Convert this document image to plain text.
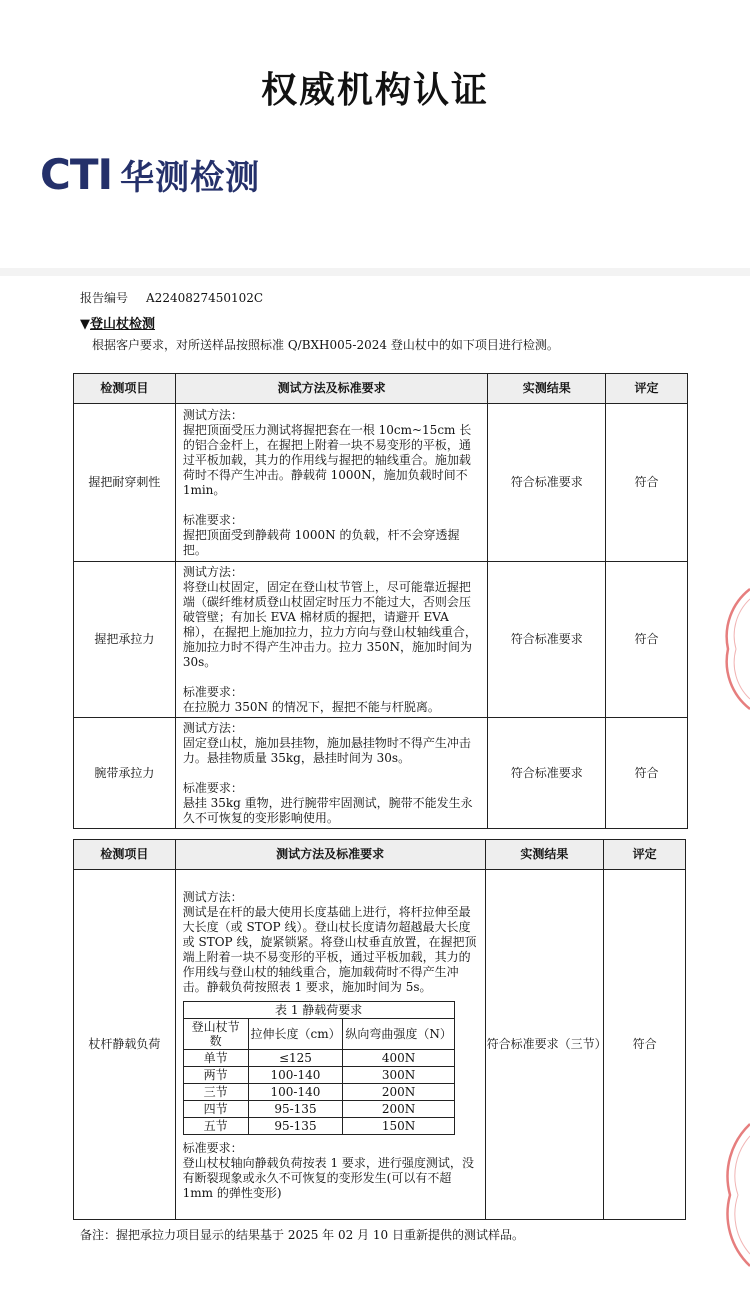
权威机构认证
CTI 华测检测
报告编号 A2240827450102C
▼登山杖检测
根据客户要求，对所送样品按照标准 Q/BXH005-2024 登山杖中的如下项目进行检测。
检测项目	测试方法及标准要求	实测结果	评定
握把耐穿刺性	测试方法：
握把顶面受压力测试将握把套在一根 10cm~15cm 长的铝合金杆上，在握把上附着一块不易变形的平板，通过平板加载，其力的作用线与握把的轴线重合。施加载荷时不得产生冲击。静载荷 1000N，施加负载时间不 1min。
标准要求：
握把顶面受到静载荷 1000N 的负载，杆不会穿透握把。	符合标准要求	符合
握把承拉力	测试方法：
将登山杖固定，固定在登山杖节管上，尽可能靠近握把端（碳纤维材质登山杖固定时压力不能过大，否则会压破管壁；有加长 EVA 棉材质的握把，请避开 EVA 棉），在握把上施加拉力，拉力方向与登山杖轴线重合，施加拉力时不得产生冲击力。拉力 350N，施加时间为 30s。
标准要求：
在拉脱力 350N 的情况下，握把不能与杆脱离。	符合标准要求	符合
腕带承拉力	测试方法：
固定登山杖，施加县挂物，施加悬挂物时不得产生冲击力。悬挂物质量 35kg，悬挂时间为 30s。
标准要求：
悬挂 35kg 重物，进行腕带牢固测试，腕带不能发生永久不可恢复的变形影响使用。	符合标准要求	符合
检测项目	测试方法及标准要求	实测结果	评定
杖杆静载负荷	
测试方法：
测试是在杆的最大使用长度基础上进行，将杆拉伸至最大长度（或 STOP 线）。登山杖长度请勿超越最大长度或 STOP 线，旋紧锁紧。将登山杖垂直放置，在握把顶端上附着一块不易变形的平板，通过平板加载，其力的作用线与登山杖的轴线重合，施加载荷时不得产生冲击。静载负荷按照表 1 要求，施加时间为 5s。
表 1 静载荷要求
登山杖节数	拉伸长度（cm）	纵向弯曲强度（N）
单节	≤125	400N
两节	100-140	300N
三节	100-140	200N
四节	95-135	200N
五节	95-135	150N
标准要求：
登山杖杖轴向静载负荷按表 1 要求，进行强度测试，没有断裂现象或永久不可恢复的变形发生(可以有不超 1mm 的弹性变形)
	符合标准要求（三节）	符合
备注：握把承拉力项目显示的结果基于 2025 年 02 月 10 日重新提供的测试样品。
